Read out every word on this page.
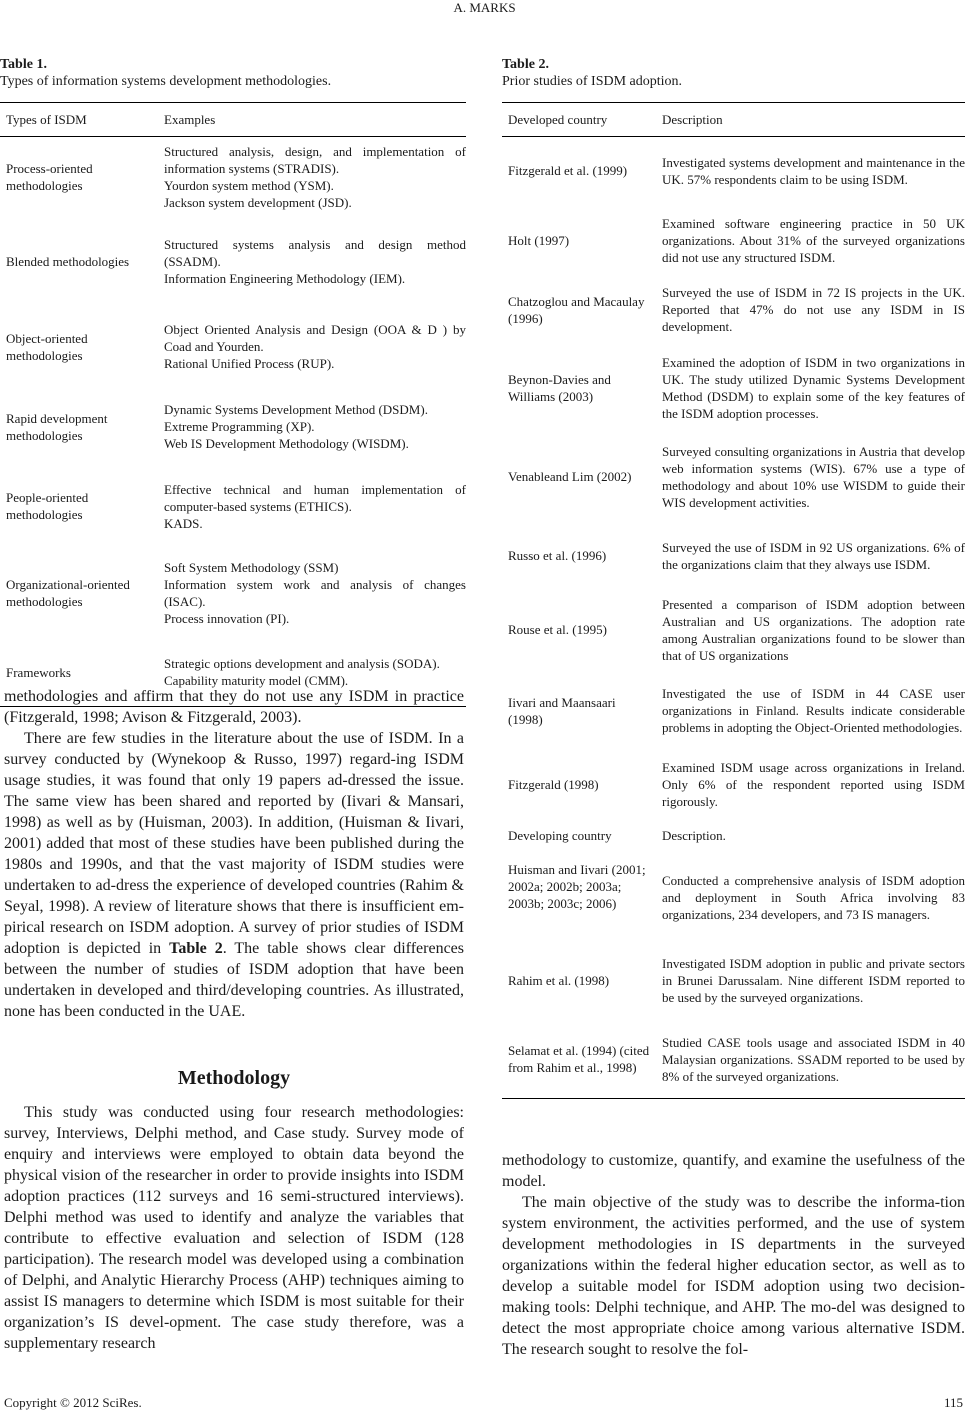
A. MARKS
Table 1.
Types of information systems development methodologies.
Types of ISDM	Examples
Process-oriented methodologies	Structured analysis, design, and implementation of information systems (STRADIS).
Yourdon system method (YSM).
Jackson system development (JSD).

Blended methodologies	Structured systems analysis and design method (SSADM).
Information Engineering Methodology (IEM).

Object-oriented methodologies	Object Oriented Analysis and Design (OOA & D ) by Coad and Yourden.
Rational Unified Process (RUP).

Rapid development methodologies	Dynamic Systems Development Method (DSDM).
Extreme Programming (XP).
Web IS Development Methodology (WISDM).

People-oriented methodologies	Effective technical and human implementation of computer-based systems (ETHICS).
KADS.

Organizational-oriented methodologies	Soft System Methodology (SSM)
Information system work and analysis of changes (ISAC).
Process innovation (PI).

Frameworks	Strategic options development and analysis (SODA).
Capability maturity model (CMM).

methodologies and affirm that they do not use any ISDM in practice (Fitzgerald, 1998; Avison & Fitzgerald, 2003).

There are few studies in the literature about the use of ISDM. In a survey conducted by (Wynekoop & Russo, 1997) regard-ing ISDM usage studies, it was found that only 19 papers ad-dressed the issue. The same view has been shared and reported by (Iivari & Mansari, 1998) as well as by (Huisman, 2003). In addition, (Huisman & Iivari, 2001) added that most of these studies have been published during the 1980s and 1990s, and that the vast majority of ISDM studies were undertaken to ad-dress the experience of developed countries (Rahim & Seyal, 1998). A review of literature shows that there is insufficient em-pirical research on ISDM adoption. A survey of prior studies of ISDM adoption is depicted in Table 2. The table shows clear differences between the number of studies of ISDM adoption that have been undertaken in developed and third/developing countries. As illustrated, none has been conducted in the UAE.

Methodology

This study was conducted using four research methodologies: survey, Interviews, Delphi method, and Case study. Survey mode of enquiry and interviews were employed to obtain data beyond the physical vision of the researcher in order to provide insights into ISDM adoption practices (112 surveys and 16 semi-structured interviews). Delphi method was used to identify and analyze the variables that contribute to effective evaluation and selection of ISDM (128 participation). The research model was developed using a combination of Delphi, and Analytic Hierarchy Process (AHP) techniques aiming to assist IS managers to determine which ISDM is most suitable for their organization’s IS devel-opment. The case study therefore, was a supplementary research

Table 2.
Prior studies of ISDM adoption.
Developed country	Description
Fitzgerald et al. (1999)	Investigated systems development and maintenance in the UK. 57% respondents claim to be using ISDM.
Holt (1997)	Examined software engineering practice in 50 UK organizations. About 31% of the surveyed organizations did not use any structured ISDM.
Chatzoglou and Macaulay (1996)	Surveyed the use of ISDM in 72 IS projects in the UK. Reported that 47% do not use any ISDM in IS development.
Beynon-Davies and Williams (2003)	Examined the adoption of ISDM in two organizations in UK. The study utilized Dynamic Systems Development Method (DSDM) to explain some of the key features of the ISDM adoption processes.
Venableand Lim (2002)	Surveyed consulting organizations in Austria that develop web information systems (WIS). 67% use a type of methodology and about 10% use WISDM to guide their WIS development activities.
Russo et al. (1996)	Surveyed the use of ISDM in 92 US organizations. 6% of the organizations claim that they always use ISDM.
Rouse et al. (1995)	Presented a comparison of ISDM adoption between Australian and US organizations. The adoption rate among Australian organizations found to be slower than that of US organizations
Iivari and Maansaari (1998)	Investigated the use of ISDM in 44 CASE user organizations in Finland. Results indicate considerable problems in adopting the Object-Oriented methodologies.
Fitzgerald (1998)	Examined ISDM usage across organizations in Ireland. Only 6% of the respondent reported using ISDM rigorously.
Developing country	Description.
Huisman and Iivari (2001; 2002a; 2002b; 2003a; 2003b; 2003c; 2006)	Conducted a comprehensive analysis of ISDM adoption and deployment in South Africa involving 83 organizations, 234 developers, and 73 IS managers.
Rahim et al. (1998)	Investigated ISDM adoption in public and private sectors in Brunei Darussalam. Nine different ISDM reported to be used by the surveyed organizations.
Selamat et al. (1994) (cited from Rahim et al., 1998)	Studied CASE tools usage and associated ISDM in 40 Malaysian organizations. SSADM reported to be used by 8% of the surveyed organizations.

methodology to customize, quantify, and examine the usefulness of the model.

The main objective of the study was to describe the informa-tion system environment, the activities performed, and the use of system development methodologies in IS departments in the surveyed organizations within the federal higher education sector, as well as to develop a suitable model for ISDM adoption using two decision-making tools: Delphi technique, and AHP. The mo-del was designed to detect the most appropriate choice among various alternative ISDM. The research sought to resolve the fol-

Copyright © 2012 SciRes.	115
